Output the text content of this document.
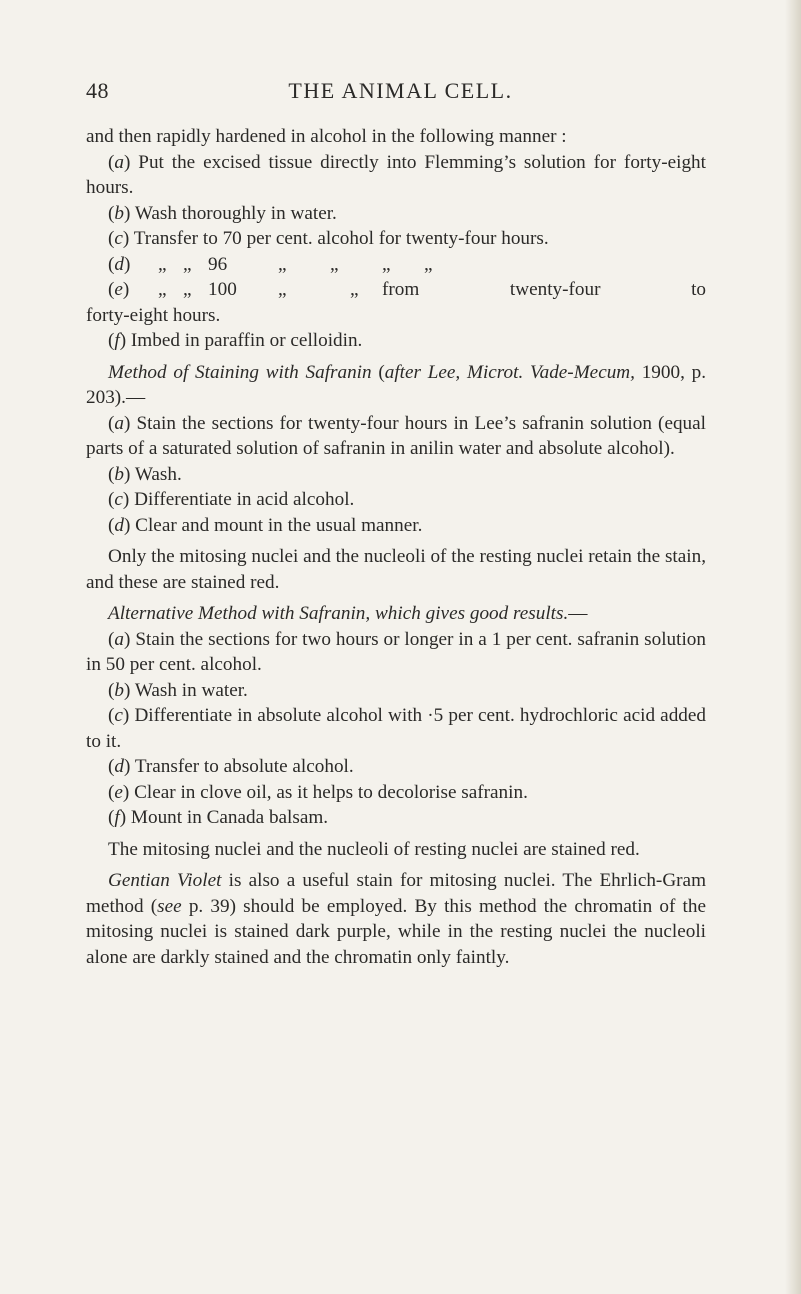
48	THE ANIMAL CELL.

and then rapidly hardened in alcohol in the following manner :

(a) Put the excised tissue directly into Flemming’s solution for forty-eight hours.

(b) Wash thoroughly in water.

(c) Transfer to 70 per cent. alcohol for twenty-four hours.

(d)	„ „ 96	„	„	„	„
(e)	„ „ 100	„	„	from twenty-four to

forty-eight hours.

(f) Imbed in paraffin or celloidin.

Method of Staining with Safranin (after Lee, Microt. Vade-Mecum, 1900, p. 203).—

(a) Stain the sections for twenty-four hours in Lee’s safranin solution (equal parts of a saturated solution of safranin in anilin water and absolute alcohol).

(b) Wash.

(c) Differentiate in acid alcohol.

(d) Clear and mount in the usual manner.

Only the mitosing nuclei and the nucleoli of the resting nuclei retain the stain, and these are stained red.

Alternative Method with Safranin, which gives good results.—

(a) Stain the sections for two hours or longer in a 1 per cent. safranin solution in 50 per cent. alcohol.

(b) Wash in water.

(c) Differentiate in absolute alcohol with ·5 per cent. hydrochloric acid added to it.

(d) Transfer to absolute alcohol.

(e) Clear in clove oil, as it helps to decolorise safranin.

(f) Mount in Canada balsam.

The mitosing nuclei and the nucleoli of resting nuclei are stained red.

Gentian Violet is also a useful stain for mitosing nuclei. The Ehrlich-Gram method (see p. 39) should be employed. By this method the chromatin of the mitosing nuclei is stained dark purple, while in the resting nuclei the nucleoli alone are darkly stained and the chromatin only faintly.
